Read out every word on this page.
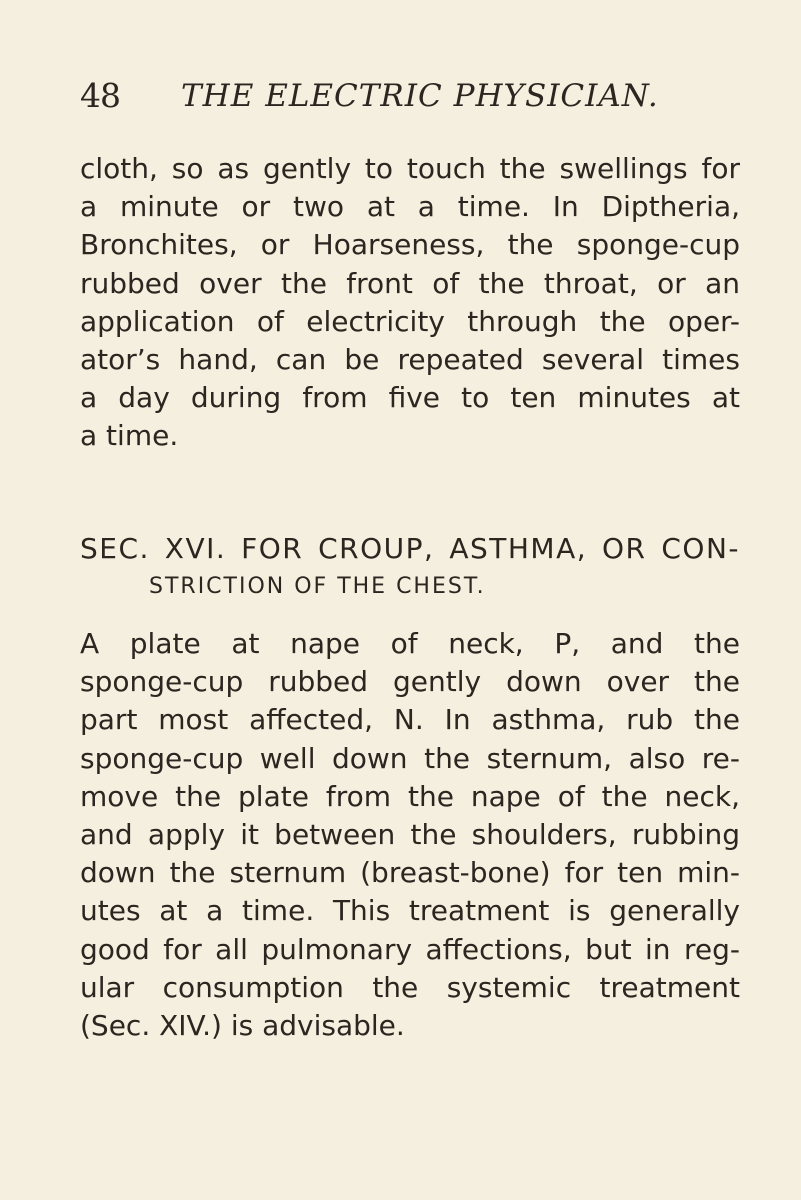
48 THE ELECTRIC PHYSICIAN.
cloth, so as gently to touch the swellings for
a minute or two at a time. In Diptheria,
Bronchites, or Hoarseness, the sponge-cup
rubbed over the front of the throat, or an
application of electricity through the oper-
ator’s hand, can be repeated several times
a day during from five to ten minutes at
a time.
SEC. XVI. FOR CROUP, ASTHMA, OR CON-
STRICTION OF THE CHEST.
A plate at nape of neck, P, and the
sponge-cup rubbed gently down over the
part most affected, N. In asthma, rub the
sponge-cup well down the sternum, also re-
move the plate from the nape of the neck,
and apply it between the shoulders, rubbing
down the sternum (breast-bone) for ten min-
utes at a time. This treatment is generally
good for all pulmonary affections, but in reg-
ular consumption the systemic treatment
(Sec. XIV.) is advisable.
